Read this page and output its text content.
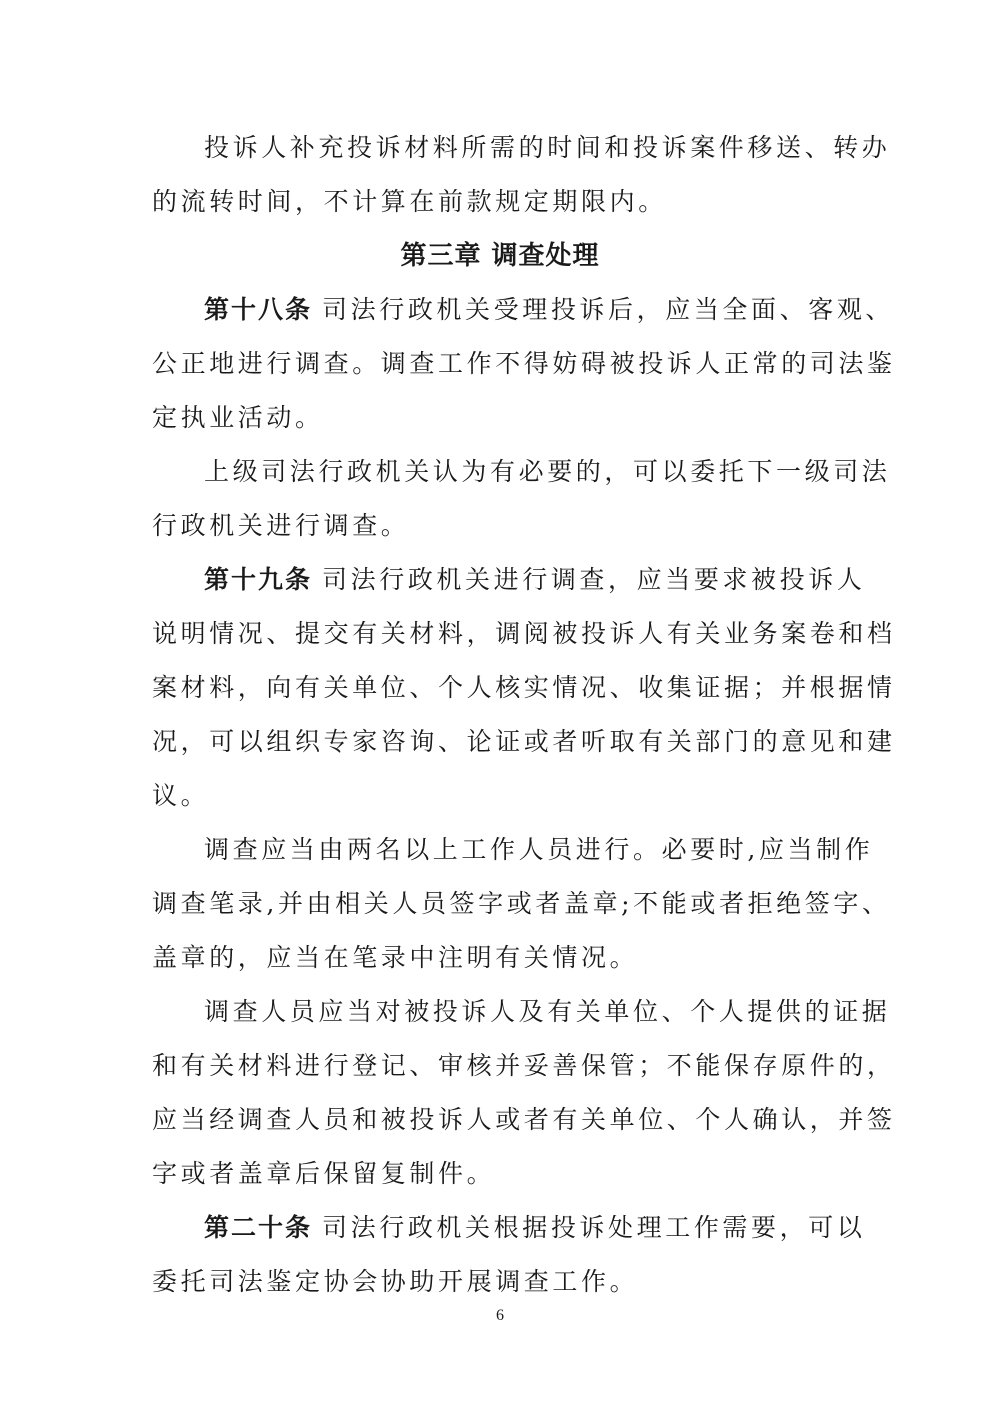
投诉人补充投诉材料所需的时间和投诉案件移送、转办
的流转时间，不计算在前款规定期限内。
第三章 调查处理
第十八条 司法行政机关受理投诉后，应当全面、客观、
公正地进行调查。调查工作不得妨碍被投诉人正常的司法鉴
定执业活动。
上级司法行政机关认为有必要的，可以委托下一级司法
行政机关进行调查。
第十九条 司法行政机关进行调查，应当要求被投诉人
说明情况、提交有关材料，调阅被投诉人有关业务案卷和档
案材料，向有关单位、个人核实情况、收集证据；并根据情
况，可以组织专家咨询、论证或者听取有关部门的意见和建
议。
调查应当由两名以上工作人员进行。必要时,应当制作
调查笔录,并由相关人员签字或者盖章;不能或者拒绝签字、
盖章的，应当在笔录中注明有关情况。
调查人员应当对被投诉人及有关单位、个人提供的证据
和有关材料进行登记、审核并妥善保管；不能保存原件的，
应当经调查人员和被投诉人或者有关单位、个人确认，并签
字或者盖章后保留复制件。
第二十条 司法行政机关根据投诉处理工作需要，可以
委托司法鉴定协会协助开展调查工作。
6
